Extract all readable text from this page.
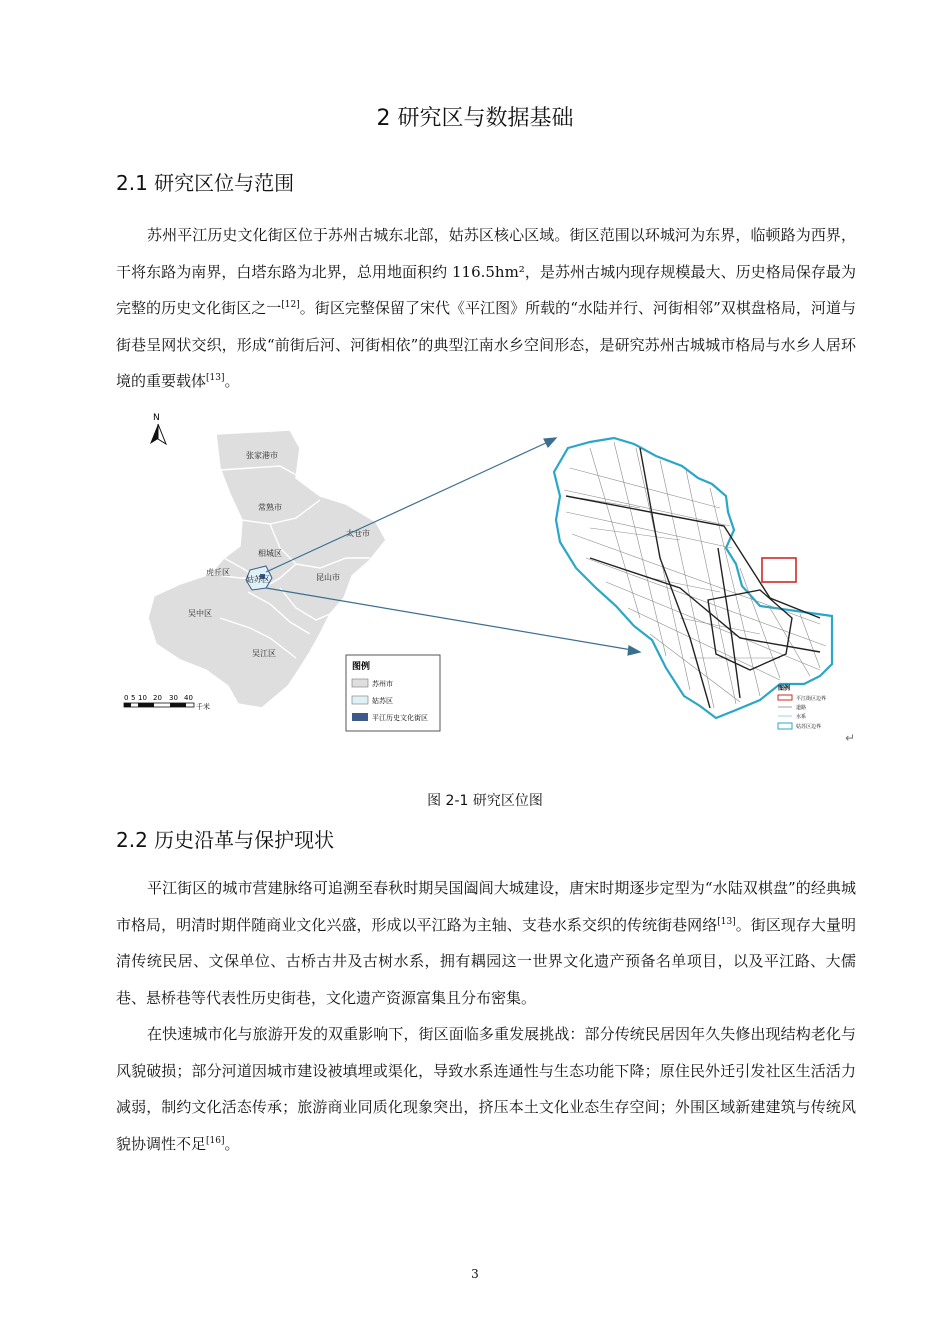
2 研究区与数据基础
2.1 研究区位与范围

苏州平江历史文化街区位于苏州古城东北部，姑苏区核心区域。街区范围以环城河为东界，临顿路为西界，干将东路为南界，白塔东路为北界，总用地面积约 116.5hm²，是苏州古城内现存规模最大、历史格局保存最为完整的历史文化街区之一[12]。街区完整保留了宋代《平江图》所载的“水陆并行、河街相邻”双棋盘格局，河道与街巷呈网状交织，形成“前街后河、河街相依”的典型江南水乡空间形态，是研究苏州古城城市格局与水乡人居环境的重要载体[13]。

N
张家港市
常熟市
太仓市
相城区
虎丘区
姑苏区	昆山市
吴中区
吴江区
0 5 10 20 30 40
千米
图例
苏州市
姑苏区
平江历史文化街区
图例
平江街区边界
道路
水系
姑苏区边界
↵
图 2-1 研究区位图
2.2 历史沿革与保护现状

平江街区的城市营建脉络可追溯至春秋时期吴国阖闾大城建设，唐宋时期逐步定型为“水陆双棋盘”的经典城市格局，明清时期伴随商业文化兴盛，形成以平江路为主轴、支巷水系交织的传统街巷网络[13]。街区现存大量明清传统民居、文保单位、古桥古井及古树水系，拥有耦园这一世界文化遗产预备名单项目，以及平江路、大儒巷、悬桥巷等代表性历史街巷，文化遗产资源富集且分布密集。

在快速城市化与旅游开发的双重影响下，街区面临多重发展挑战：部分传统民居因年久失修出现结构老化与风貌破损；部分河道因城市建设被填埋或渠化，导致水系连通性与生态功能下降；原住民外迁引发社区生活活力减弱，制约文化活态传承；旅游商业同质化现象突出，挤压本土文化业态生存空间；外围区域新建建筑与传统风貌协调性不足[16]。

3
